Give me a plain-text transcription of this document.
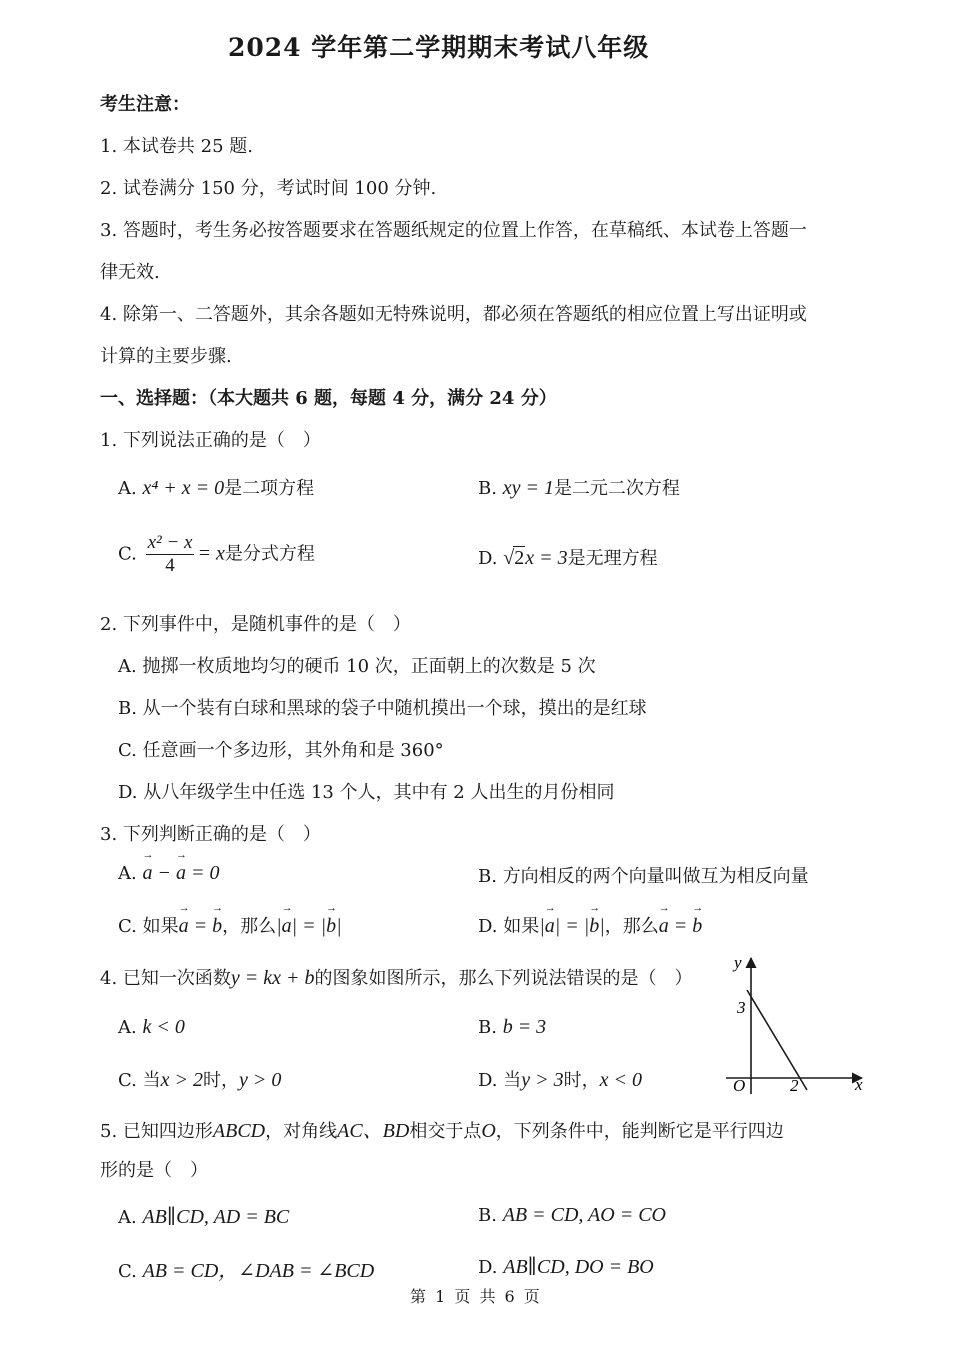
2024 学年第二学期期末考试八年级
考生注意：
1. 本试卷共 25 题.
2. 试卷满分 150 分，考试时间 100 分钟.
3. 答题时，考生务必按答题要求在答题纸规定的位置上作答，在草稿纸、本试卷上答题一
律无效.
4. 除第一、二答题外，其余各题如无特殊说明，都必须在答题纸的相应位置上写出证明或
计算的主要步骤.
一、选择题：（本大题共 6 题，每题 4 分，满分 24 分）
1. 下列说法正确的是（　）
A. x⁴ + x = 0是二项方程	B. xy = 1是二元二次方程
C. $\frac{\text{x² − x}}{4} = x$是分式方程	D. √2x = 3是无理方程
2. 下列事件中，是随机事件的是（　）
A. 抛掷一枚质地均匀的硬币 10 次，正面朝上的次数是 5 次
B. 从一个装有白球和黑球的袋子中随机摸出一个球，摸出的是红球
C. 任意画一个多边形，其外角和是 360°
D. 从八年级学生中任选 13 个人，其中有 2 人出生的月份相同
3. 下列判断正确的是（　）
A. → a − → a = 0	B. 方向相反的两个向量叫做互为相反向量
C. 如果→ a = → b，那么|→ a| = |→ b|	D. 如果|→ a| = |→ b|，那么→ a = → b
4. 已知一次函数y = kx + b的图象如图所示，那么下列说法错误的是（　）
A. k < 0	B. b = 3
C. 当x > 2时，y > 0	D. 当y > 3时，x < 0
y
x
O
3
2
5. 已知四边形ABCD，对角线AC、BD相交于点O，下列条件中，能判断它是平行四边
形的是（　）
A. AB∥CD, AD = BC	B. AB = CD, AO = CO
C. AB = CD，∠DAB = ∠BCD	D. AB∥CD, DO = BO
第 1 页 共 6 页
